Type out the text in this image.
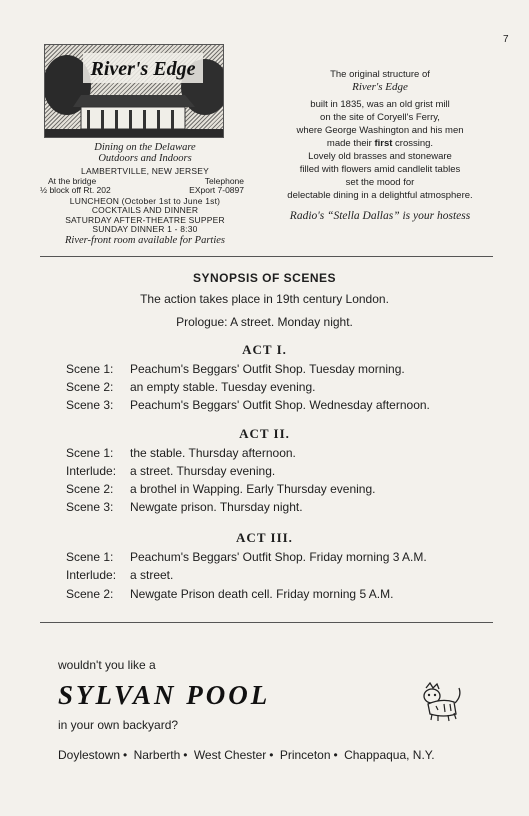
7
River's Edge
Dining on the Delaware
Outdoors and Indoors
LAMBERTVILLE, NEW JERSEY
At the bridge	Telephone
½ block off Rt. 202	EXport 7-0897
LUNCHEON (October 1st to June 1st)
COCKTAILS AND DINNER
SATURDAY AFTER-THEATRE SUPPER
SUNDAY DINNER 1 - 8:30
River-front room available for Parties
The original structure of
River's Edge
built in 1835, was an old grist mill
on the site of Coryell's Ferry,
where George Washington and his men
made their first crossing.
Lovely old brasses and stoneware
filled with flowers amid candlelit tables
set the mood for
delectable dining in a delightful atmosphere.
Radio's “Stella Dallas” is your hostess
SYNOPSIS OF SCENES
The action takes place in 19th century London.
Prologue: A street. Monday night.
ACT I.
Scene 1: Peachum's Beggars' Outfit Shop. Tuesday morning.
Scene 2: an empty stable. Tuesday evening.
Scene 3: Peachum's Beggars' Outfit Shop. Wednesday afternoon.
ACT II.
Scene 1: the stable. Thursday afternoon.
Interlude: a street. Thursday evening.
Scene 2: a brothel in Wapping. Early Thursday evening.
Scene 3: Newgate prison. Thursday night.
ACT III.
Scene 1: Peachum's Beggars' Outfit Shop. Friday morning 3 A.M.
Interlude: a street.
Scene 2: Newgate Prison death cell. Friday morning 5 A.M.
wouldn't you like a
SYLVAN POOL
in your own backyard?
Doylestown • Narberth • West Chester • Princeton • Chappaqua, N.Y.
